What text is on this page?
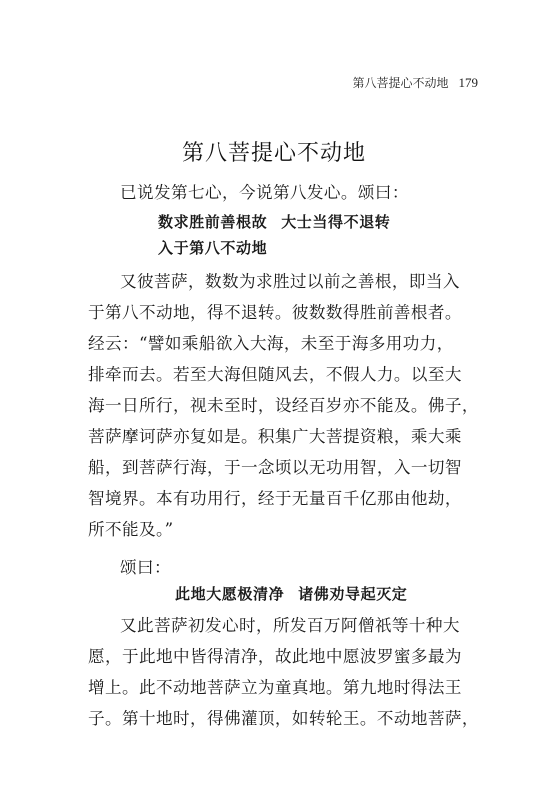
第八菩提心不动地 179
第八菩提心不动地
已说发第七心，今说第八发心。颂曰：
数求胜前善根故 大士当得不退转
入于第八不动地
又彼菩萨，数数为求胜过以前之善根，即当入
于第八不动地，得不退转。彼数数得胜前善根者。
经云：“譬如乘船欲入大海，未至于海多用功力，
排牵而去。若至大海但随风去，不假人力。以至大
海一日所行，视未至时，设经百岁亦不能及。佛子，
菩萨摩诃萨亦复如是。积集广大菩提资粮，乘大乘
船，到菩萨行海，于一念顷以无功用智，入一切智
智境界。本有功用行，经于无量百千亿那由他劫，
所不能及。”
颂曰：
此地大愿极清净 诸佛劝导起灭定
又此菩萨初发心时，所发百万阿僧祇等十种大
愿，于此地中皆得清净，故此地中愿波罗蜜多最为
增上。此不动地菩萨立为童真地。第九地时得法王
子。第十地时，得佛灌顶，如转轮王。不动地菩萨，
